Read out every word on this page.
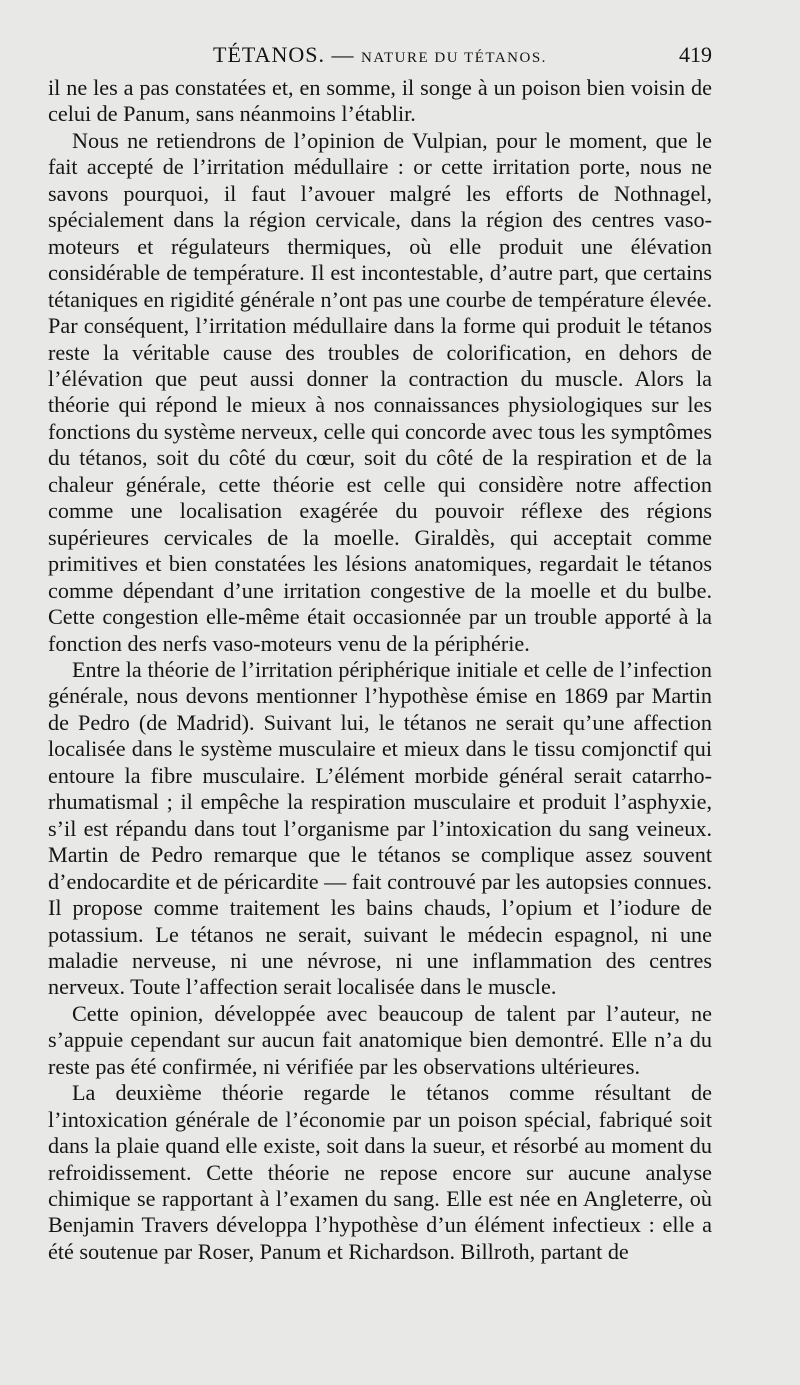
TÉTANOS. — NATURE DU TÉTANOS.	419

il ne les a pas constatées et, en somme, il songe à un poison bien voisin de celui de Panum, sans néanmoins l’établir.

Nous ne retiendrons de l’opinion de Vulpian, pour le moment, que le fait accepté de l’irritation médullaire : or cette irritation porte, nous ne savons pourquoi, il faut l’avouer malgré les efforts de Nothnagel, spécialement dans la région cervicale, dans la région des centres vaso-moteurs et régulateurs thermiques, où elle produit une élévation considérable de température. Il est incontestable, d’autre part, que certains tétaniques en rigidité générale n’ont pas une courbe de température élevée. Par conséquent, l’irritation médullaire dans la forme qui produit le tétanos reste la véritable cause des troubles de colorification, en dehors de l’élévation que peut aussi donner la contraction du muscle. Alors la théorie qui répond le mieux à nos connaissances physiologiques sur les fonctions du système nerveux, celle qui concorde avec tous les symptômes du tétanos, soit du côté du cœur, soit du côté de la respiration et de la chaleur générale, cette théorie est celle qui considère notre affection comme une localisation exagérée du pouvoir réflexe des régions supérieures cervicales de la moelle. Giraldès, qui acceptait comme primitives et bien constatées les lésions anatomiques, regardait le tétanos comme dépendant d’une irritation congestive de la moelle et du bulbe. Cette congestion elle-même était occasionnée par un trouble apporté à la fonction des nerfs vaso-moteurs venu de la périphérie.

Entre la théorie de l’irritation périphérique initiale et celle de l’infection générale, nous devons mentionner l’hypothèse émise en 1869 par Martin de Pedro (de Madrid). Suivant lui, le tétanos ne serait qu’une affection localisée dans le système musculaire et mieux dans le tissu comjonctif qui entoure la fibre musculaire. L’élément morbide général serait catarrho-rhumatismal ; il empêche la respiration musculaire et produit l’asphyxie, s’il est répandu dans tout l’organisme par l’intoxication du sang veineux. Martin de Pedro remarque que le tétanos se complique assez souvent d’endocardite et de péricardite — fait controuvé par les autopsies connues. Il propose comme traitement les bains chauds, l’opium et l’iodure de potassium. Le tétanos ne serait, suivant le médecin espagnol, ni une maladie nerveuse, ni une névrose, ni une inflammation des centres nerveux. Toute l’affection serait localisée dans le muscle.

Cette opinion, développée avec beaucoup de talent par l’auteur, ne s’appuie cependant sur aucun fait anatomique bien demontré. Elle n’a du reste pas été confirmée, ni vérifiée par les observations ultérieures.

La deuxième théorie regarde le tétanos comme résultant de l’intoxication générale de l’économie par un poison spécial, fabriqué soit dans la plaie quand elle existe, soit dans la sueur, et résorbé au moment du refroidissement. Cette théorie ne repose encore sur aucune analyse chimique se rapportant à l’examen du sang. Elle est née en Angleterre, où Benjamin Travers développa l’hypothèse d’un élément infectieux : elle a été soutenue par Roser, Panum et Richardson. Billroth, partant de
